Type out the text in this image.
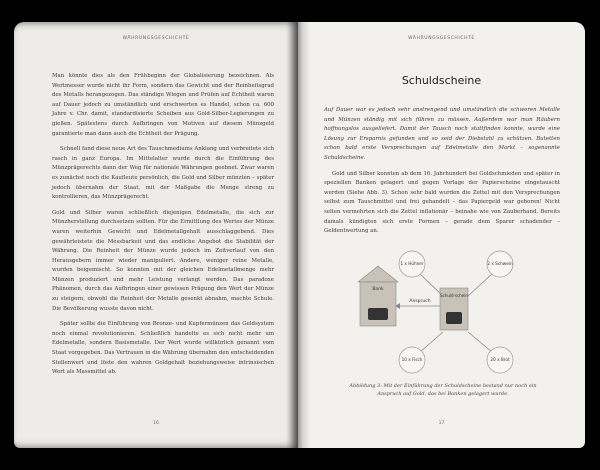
WÄHRUNGSGESCHICHTE

Man könnte dies als den Frühbeginn der Globalisierung bezeichnen. Als Wertmesser wurde nicht ihr Form, sondern das Gewicht und der Reinheitsgrad des Metalls herangezogen. Das ständige Wiegen und Prüfen auf Echtheit waren auf Dauer jedoch zu umständlich und erschwerten es Handel, schon ca. 600 Jahre v. Chr. damit, standardisierte Scheiben aus Gold-Silber-Legierungen zu gießen. Spätestens durch Aufbringen von Motiven auf diesem Münzgeld garantierte man dann auch die Echtheit der Prägung.

Schnell fand diese neue Art des Tauschmediums Anklang und verbreitete sich rasch in ganz Europa. Im Mittelalter wurde durch die Einführung des Münzprägerechts dann der Weg für nationale Währungen geebnet. Zwar waren es zunächst noch die Kaufleute persönlich, die Gold und Silber münzten – später jedoch übernahm der Staat, mit der Maßgabe die Menge streng zu kontrollieren, das Münzprägerecht.

Gold und Silber waren schließlich diejenigen Edelmetalle, die sich zur Münzherstellung durchsetzen sollten. Für die Ermittlung des Wertes der Münze waren weiterhin Gewicht und Edelmetallgehalt ausschlaggebend. Dies gewährleistete die Messbarkeit und das endliche Angebot die Stabilität der Währung. Die Reinheit der Münze wurde jedoch im Zeitverlauf von den Herausgebern immer wieder manipuliert. Andere, weniger reine Metalle, wurden beigemischt. So konnten mit der gleichen Edelmetallmenge mehr Münzen produziert und mehr Leistung verlangt werden. Das paradoxe Phänomen, durch das Aufbringen einer gewissen Prägung den Wert der Münze zu steigern, obwohl die Reinheit der Metalle gesenkt abnahm, machte Schule. Die Bevölkerung wusste davon nicht.

Später sollte die Einführung von Bronze- und Kupfermünzen das Geldsystem noch einmal revolutionieren. Schließlich handelte es sich nicht mehr um Edelmetalle, sondern Basismetalle. Der Wert wurde willkürlich genannt vom Staat vorgegeben. Das Vertrauen in die Währung übernahm den entscheidenden Stellenwert und löste den wahren Goldgehalt beziehungsweise intrinsischen Wert als Massmittel ab.

16
WÄHRUNGSGESCHICHTE
Schuldscheine

Auf Dauer war es jedoch sehr anstrengend und umständlich die schweren Metalle und Münzen ständig mit sich führen zu müssen. Außerdem war man Räubern hoffnungslos ausgeliefert. Damit der Tausch noch stattfinden konnte, wurde eine Lösung zur Ersparnis gefunden und so seid der Diebstahl zu schützen. Butetten schon bald erste Versprechungen auf Edelmetalle den Markt – sogenannte Schuldscheine.

Gold und Silber konnten ab dem 16. Jahrhundert bei Goldschmieden und später in speziellen Banken gelagert und gegen Vorlage der Papierscheine eingetauscht werden (Siehe Abb. 3). Schon sehr bald wurden die Zettel mit den Versprechungen selbst zum Tauschmittel und frei gehandelt – das Papiergeld war geboren! Nicht selten vermehrten sich die Zettel inflationär – beinahe wie von Zauberhand. Bereits damals kündigten sich erste Formen – gerade dem Sparer schadender – Geldentwertung an.

Bank
Anspruch
Schuld-schein
1 x Hühner	2 x Schwein
10 x Fisch	20 x Brot
Abbildung 3: Mit der Einführung der Schuldscheine bestand nur noch ein Anspruch auf Gold, das bei Banken gelagert wurde.
17
